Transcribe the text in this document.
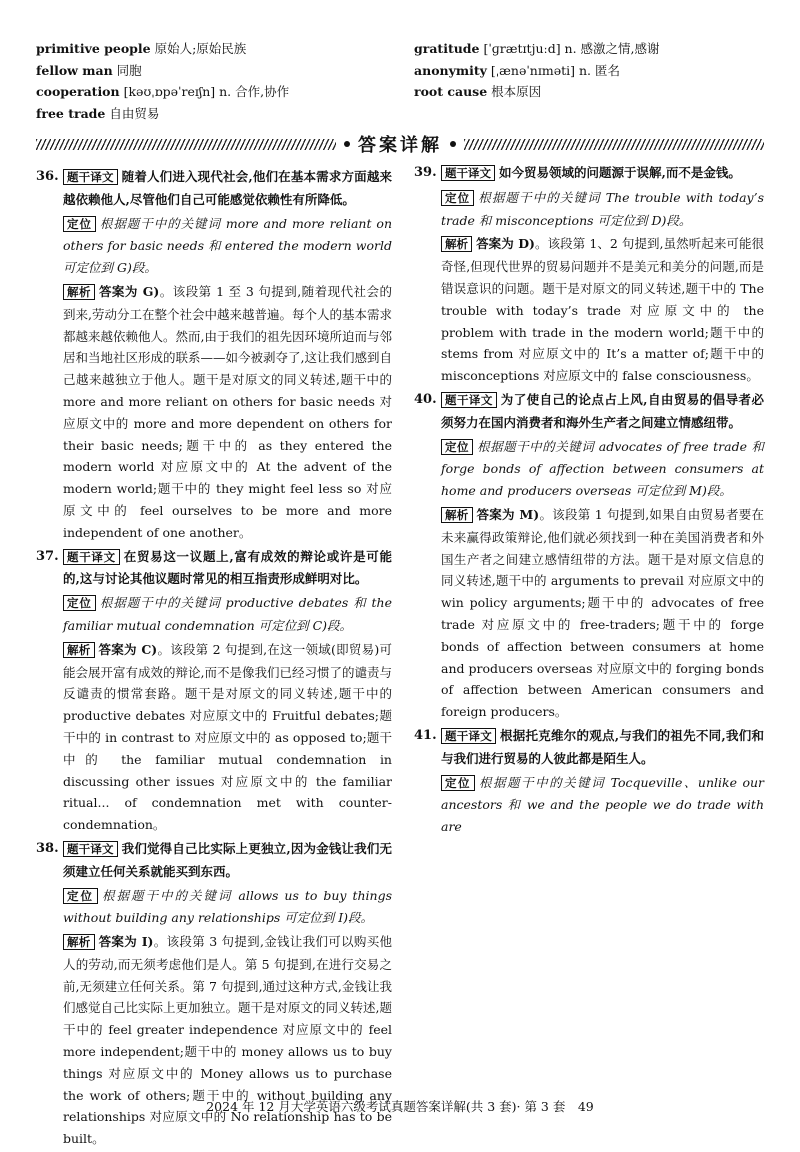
primitive people 原始人;原始民族
fellow man 同胞
cooperation [kəʊˌɒpəˈreɪʃn] n. 合作,协作
free trade 自由贸易
gratitude [ˈɡrætɪtjuːd] n. 感激之情,感谢
anonymity [ˌænəˈnɪməti] n. 匿名
root cause 根本原因
答案详解
36. 题干译文 随着人们进入现代社会,他们在基本需求方面越来越依赖他人,尽管他们自己可能感觉依赖性有所降低。
定位 根据题干中的关键词 more and more reliant on others for basic needs 和 entered the modern world 可定位到 G)段。
解析 答案为 G)。该段第 1 至 3 句提到,随着现代社会的到来,劳动分工在整个社会中越来越普遍。每个人的基本需求都越来越依赖他人。然而,由于我们的祖先因环境所迫而与邻居和当地社区形成的联系——如今被剥夺了,这让我们感到自己越来越独立于他人。题干是对原文的同义转述,题干中的 more and more reliant on others for basic needs 对应原文中的 more and more dependent on others for their basic needs;题干中的 as they entered the modern world 对应原文中的 At the advent of the modern world;题干中的 they might feel less so 对应原文中的 feel ourselves to be more and more independent of one another。
37. 题干译文 在贸易这一议题上,富有成效的辩论或许是可能的,这与讨论其他议题时常见的相互指责形成鲜明对比。
定位 根据题干中的关键词 productive debates 和 the familiar mutual condemnation 可定位到 C)段。
解析 答案为 C)。该段第 2 句提到,在这一领域(即贸易)可能会展开富有成效的辩论,而不是像我们已经习惯了的谴责与反谴责的惯常套路。题干是对原文的同义转述,题干中的 productive debates 对应原文中的 Fruitful debates;题干中的 in contrast to 对应原文中的 as opposed to;题干中的 the familiar mutual condemnation in discussing other issues 对应原文中的 the familiar ritual... of condemnation met with counter-condemnation。
38. 题干译文 我们觉得自己比实际上更独立,因为金钱让我们无须建立任何关系就能买到东西。
定位 根据题干中的关键词 allows us to buy things without building any relationships 可定位到 I)段。
解析 答案为 I)。该段第 3 句提到,金钱让我们可以购买他人的劳动,而无须考虑他们是人。第 5 句提到,在进行交易之前,无须建立任何关系。第 7 句提到,通过这种方式,金钱让我们感觉自己比实际上更加独立。题干是对原文的同义转述,题干中的 feel greater independence 对应原文中的 feel more independent;题干中的 money allows us to buy things 对应原文中的 Money allows us to purchase the work of others;题干中的 without building any relationships 对应原文中的 No relationship has to be built。
39. 题干译文 如今贸易领域的问题源于误解,而不是金钱。
定位 根据题干中的关键词 The trouble with today’s trade 和 misconceptions 可定位到 D)段。
解析 答案为 D)。该段第 1、2 句提到,虽然听起来可能很奇怪,但现代世界的贸易问题并不是美元和美分的问题,而是错误意识的问题。题干是对原文的同义转述,题干中的 The trouble with today’s trade 对应原文中的 the problem with trade in the modern world;题干中的 stems from 对应原文中的 It’s a matter of;题干中的 misconceptions 对应原文中的 false consciousness。
40. 题干译文 为了使自己的论点占上风,自由贸易的倡导者必须努力在国内消费者和海外生产者之间建立情感纽带。
定位 根据题干中的关键词 advocates of free trade 和 forge bonds of affection between consumers at home and producers overseas 可定位到 M)段。
解析 答案为 M)。该段第 1 句提到,如果自由贸易者要在未来赢得政策辩论,他们就必须找到一种在美国消费者和外国生产者之间建立感情纽带的方法。题干是对原文信息的同义转述,题干中的 arguments to prevail 对应原文中的 win policy arguments;题干中的 advocates of free trade 对应原文中的 free-traders;题干中的 forge bonds of affection between consumers at home and producers overseas 对应原文中的 forging bonds of affection between American consumers and foreign producers。
41. 题干译文 根据托克维尔的观点,与我们的祖先不同,我们和与我们进行贸易的人彼此都是陌生人。
定位 根据题干中的关键词 Tocqueville、unlike our ancestors 和 we and the people we do trade with are
2024 年 12 月大学英语六级考试真题答案详解(共 3 套)· 第 3 套　49
